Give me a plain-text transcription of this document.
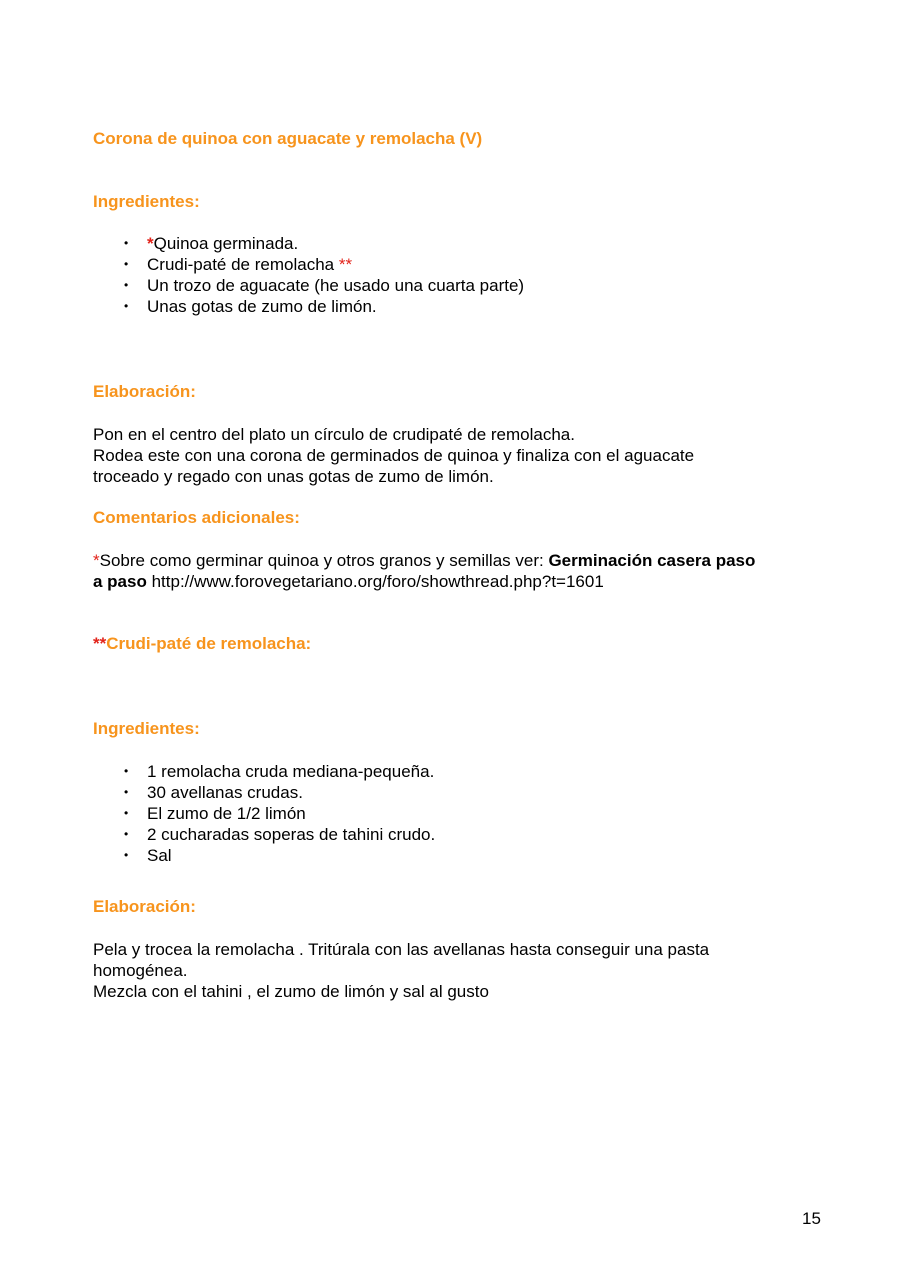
Corona de quinoa con aguacate y remolacha (V)
Ingredientes:
• *Quinoa germinada.
• Crudi-paté de remolacha **
• Un trozo de aguacate (he usado una cuarta parte)
• Unas gotas de zumo de limón.
Elaboración:
Pon en el centro del plato un círculo de crudipaté de remolacha.
Rodea este con una corona de germinados de quinoa y finaliza con el aguacate
troceado y regado con unas gotas de zumo de limón.
Comentarios adicionales:
*Sobre como germinar quinoa y otros granos y semillas ver: Germinación casera paso
a paso http://www.forovegetariano.org/foro/showthread.php?t=1601
**Crudi-paté de remolacha:
Ingredientes:
• 1 remolacha cruda mediana-pequeña.
• 30 avellanas crudas.
• El zumo de 1/2 limón
• 2 cucharadas soperas de tahini crudo.
• Sal
Elaboración:
Pela y trocea la remolacha . Tritúrala con las avellanas hasta conseguir una pasta
homogénea.
Mezcla con el tahini , el zumo de limón y sal al gusto
15
